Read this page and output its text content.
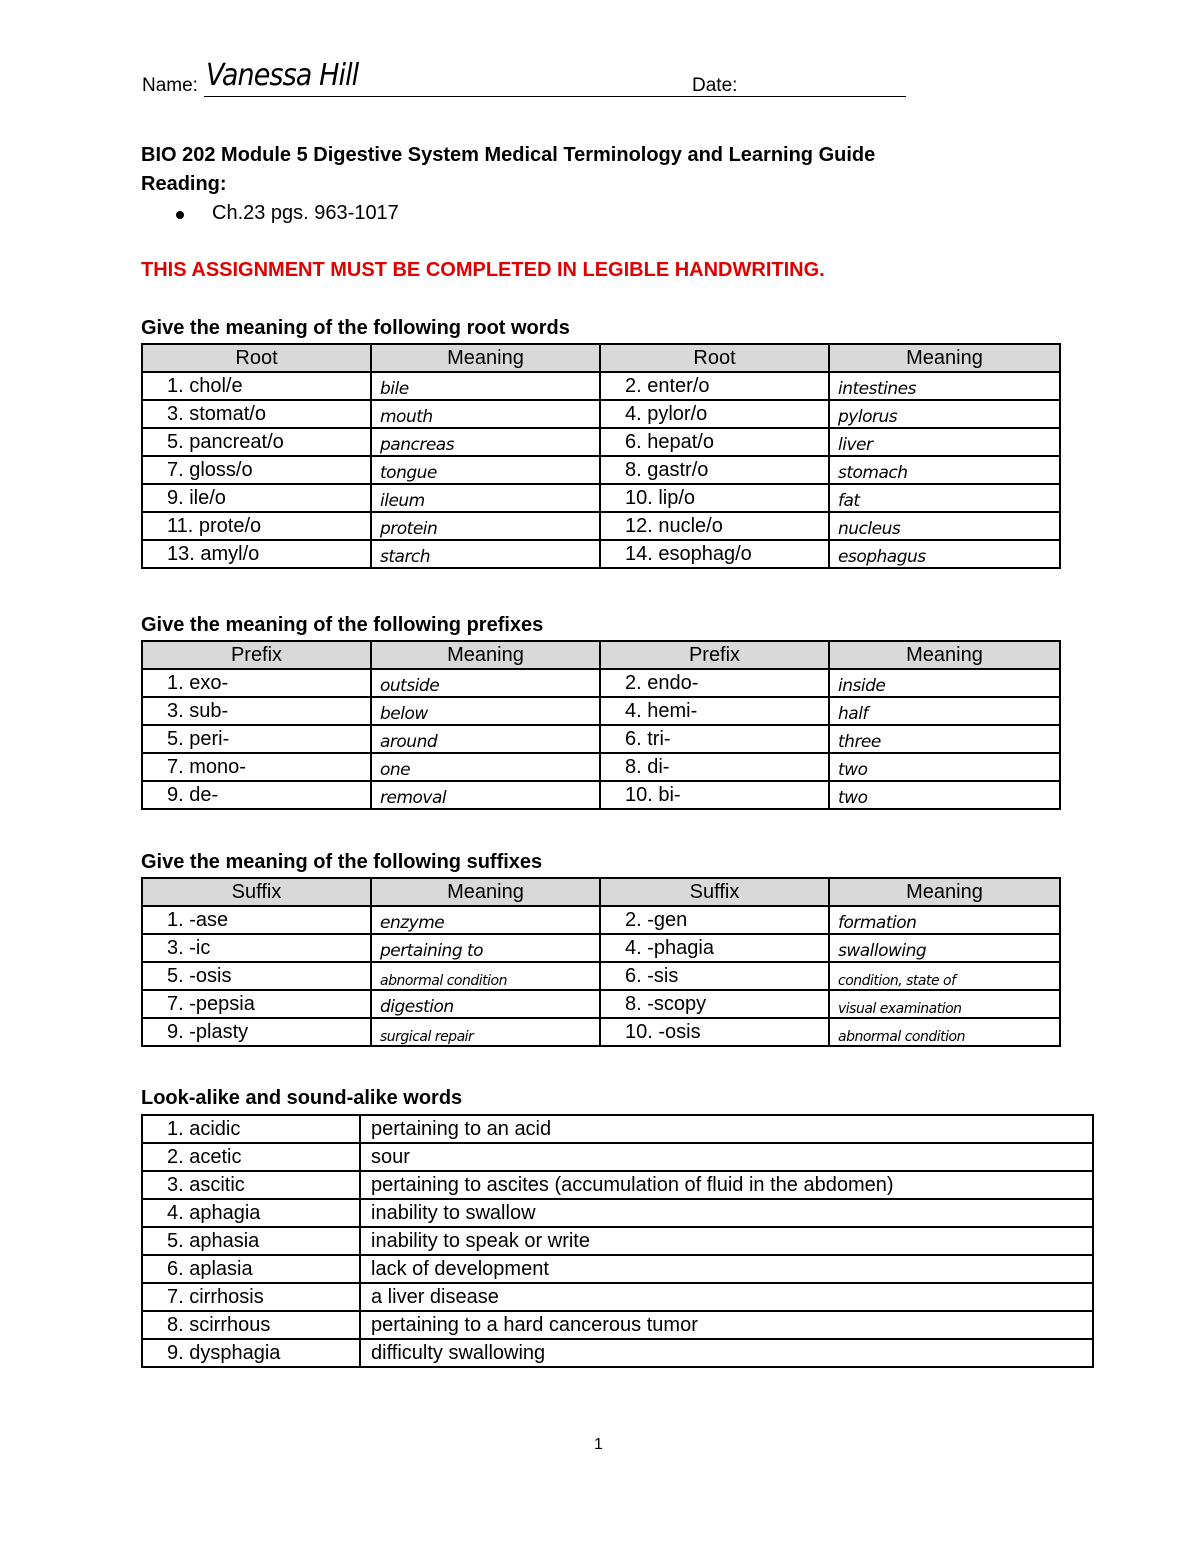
Name: Vanessa Hill	Date:
BIO 202 Module 5 Digestive System Medical Terminology and Learning Guide
Reading:
Ch.23 pgs. 963-1017
THIS ASSIGNMENT MUST BE COMPLETED IN LEGIBLE HANDWRITING.
Give the meaning of the following root words
Root	Meaning	Root	Meaning
1. chol/e	bile	2. enter/o	intestines
3. stomat/o	mouth	4. pylor/o	pylorus
5. pancreat/o	pancreas	6. hepat/o	liver
7. gloss/o	tongue	8. gastr/o	stomach
9. ile/o	ileum	10. lip/o	fat
11. prote/o	protein	12. nucle/o	nucleus
13. amyl/o	starch	14. esophag/o	esophagus
Give the meaning of the following prefixes
Prefix	Meaning	Prefix	Meaning
1. exo-	outside	2. endo-	inside
3. sub-	below	4. hemi-	half
5. peri-	around	6. tri-	three
7. mono-	one	8. di-	two
9. de-	removal	10. bi-	two
Give the meaning of the following suffixes
Suffix	Meaning	Suffix	Meaning
1. -ase	enzyme	2. -gen	formation
3. -ic	pertaining to	4. -phagia	swallowing
5. -osis	abnormal condition	6. -sis	condition, state of
7. -pepsia	digestion	8. -scopy	visual examination
9. -plasty	surgical repair	10. -osis	abnormal condition
Look-alike and sound-alike words
1. acidic	pertaining to an acid
2. acetic	sour
3. ascitic	pertaining to ascites (accumulation of fluid in the abdomen)
4. aphagia	inability to swallow
5. aphasia	inability to speak or write
6. aplasia	lack of development
7. cirrhosis	a liver disease
8. scirrhous	pertaining to a hard cancerous tumor
9. dysphagia	difficulty swallowing
1
